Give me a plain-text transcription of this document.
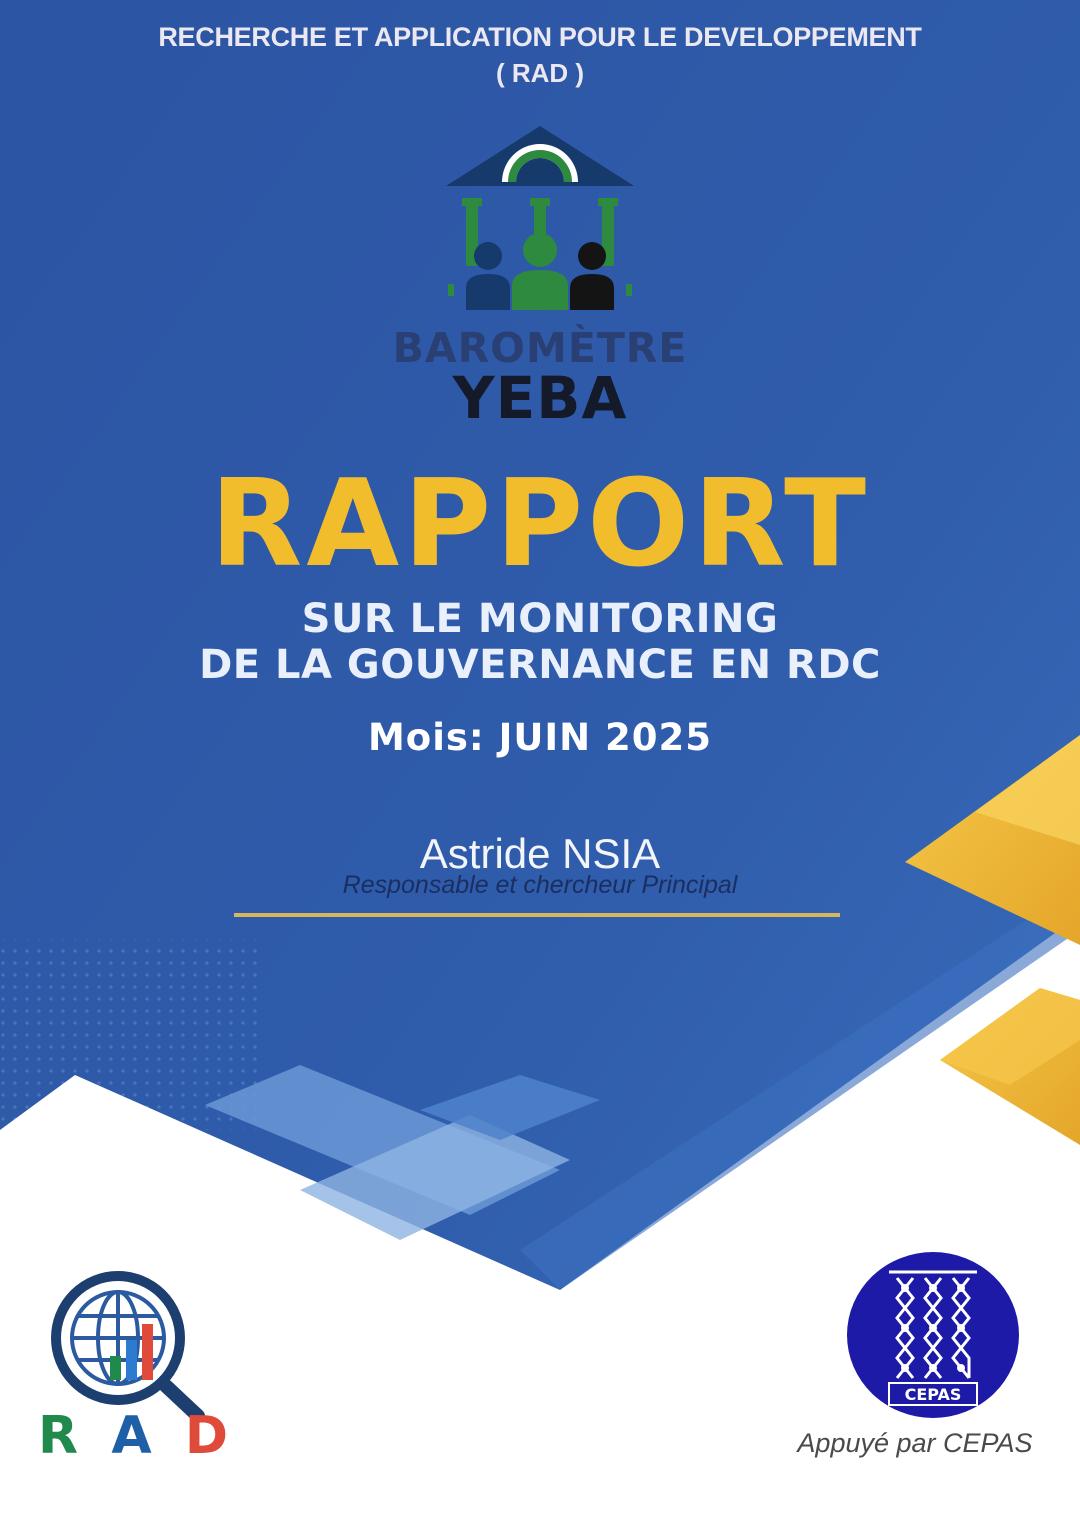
RECHERCHE ET APPLICATION POUR LE DEVELOPPEMENT
( RAD )
BAROMÈTRE
YEBA
RAPPORT
SUR LE MONITORING
DE LA GOUVERNANCE EN RDC
Mois: JUIN 2025
Astride NSIA
Responsable et chercheur Principal
R A D
CEPAS
Appuyé par CEPAS
